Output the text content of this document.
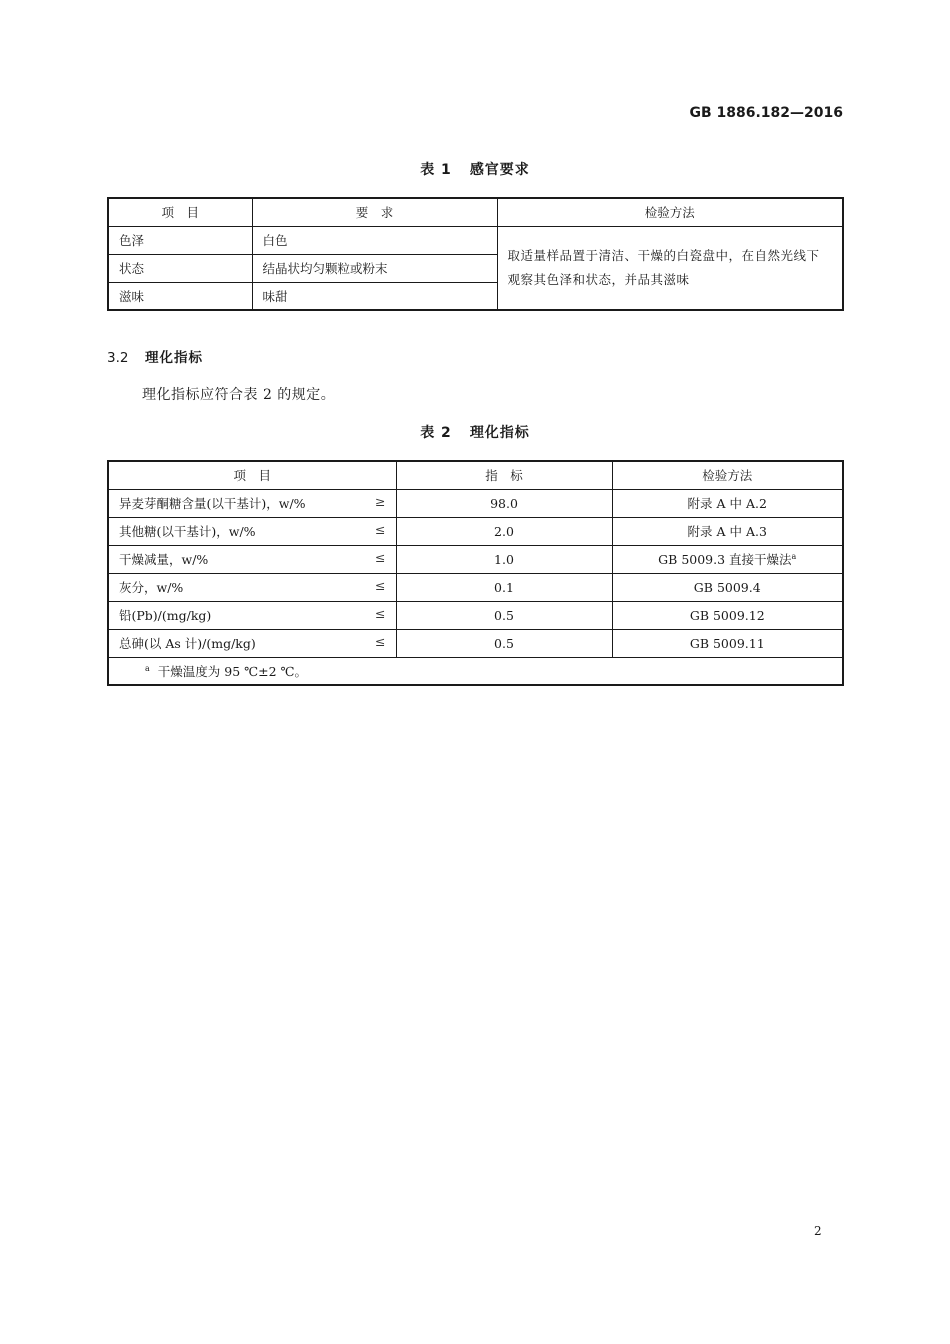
GB 1886.182—2016
表 1 感官要求
项　目	要　求	检验方法
色泽	白色	取适量样品置于清洁、干燥的白瓷盘中，在自然光线下观察其色泽和状态，并品其滋味
状态	结晶状均匀颗粒或粉末	
滋味	味甜	
3.2 理化指标
理化指标应符合表 2 的规定。
表 2 理化指标
项　目	指　标	检验方法
异麦芽酮糖含量(以干基计)，w/% ≥	98.0	附录 A 中 A.2
其他糖(以干基计)，w/% ≤	2.0	附录 A 中 A.3
干燥减量，w/% ≤	1.0	GB 5009.3 直接干燥法$^a$
灰分，w/% ≤	0.1	GB 5009.4
铅(Pb)/(mg/kg) ≤	0.5	GB 5009.12
总砷(以 As 计)/(mg/kg) ≤	0.5	GB 5009.11
$^a$ 干燥温度为 95 ℃±2 ℃。		
2
